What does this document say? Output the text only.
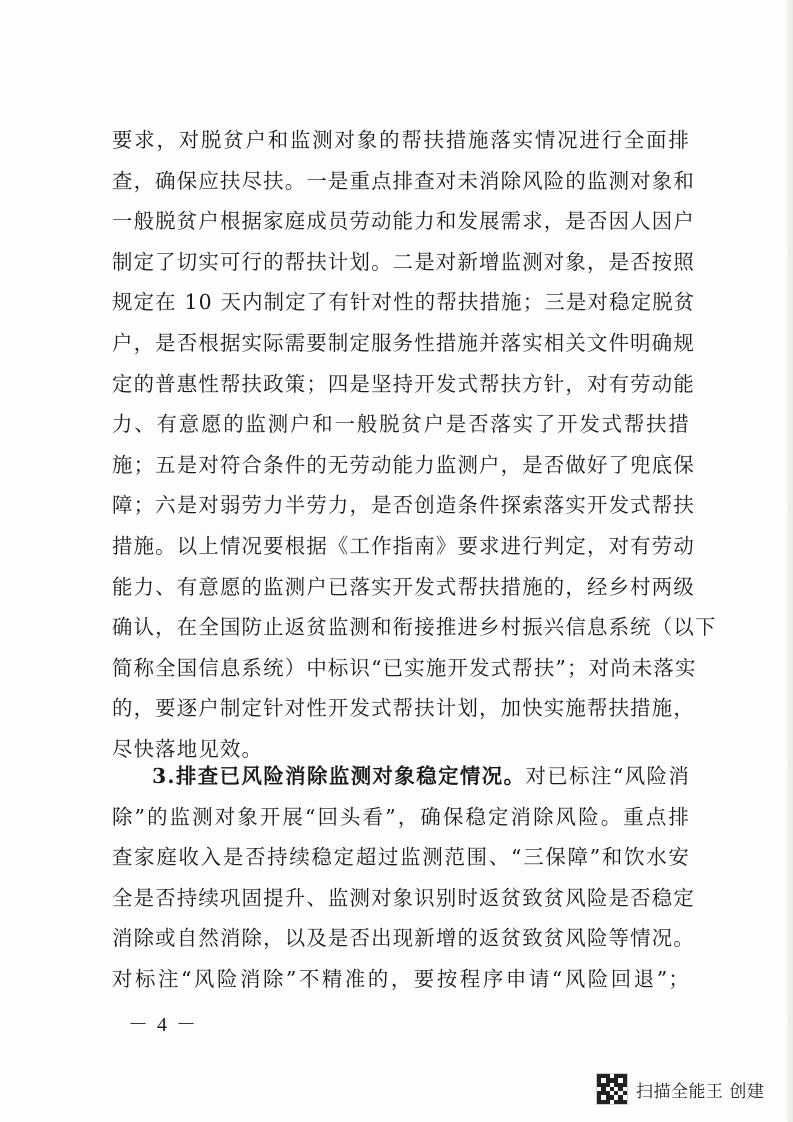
要求，对脱贫户和监测对象的帮扶措施落实情况进行全面排
查，确保应扶尽扶。一是重点排查对未消除风险的监测对象和
一般脱贫户根据家庭成员劳动能力和发展需求，是否因人因户
制定了切实可行的帮扶计划。二是对新增监测对象，是否按照
规定在 10 天内制定了有针对性的帮扶措施；三是对稳定脱贫
户，是否根据实际需要制定服务性措施并落实相关文件明确规
定的普惠性帮扶政策；四是坚持开发式帮扶方针，对有劳动能
力、有意愿的监测户和一般脱贫户是否落实了开发式帮扶措
施；五是对符合条件的无劳动能力监测户，是否做好了兜底保
障；六是对弱劳力半劳力，是否创造条件探索落实开发式帮扶
措施。以上情况要根据《工作指南》要求进行判定，对有劳动
能力、有意愿的监测户已落实开发式帮扶措施的，经乡村两级
确认，在全国防止返贫监测和衔接推进乡村振兴信息系统（以下
简称全国信息系统）中标识“已实施开发式帮扶”；对尚未落实
的，要逐户制定针对性开发式帮扶计划，加快实施帮扶措施，
尽快落地见效。
3.排查已风险消除监测对象稳定情况。对已标注“风险消
除”的监测对象开展“回头看”，确保稳定消除风险。重点排
查家庭收入是否持续稳定超过监测范围、“三保障”和饮水安
全是否持续巩固提升、监测对象识别时返贫致贫风险是否稳定
消除或自然消除，以及是否出现新增的返贫致贫风险等情况。
对标注“风险消除”不精准的，要按程序申请“风险回退”；
－ 4 －
扫描全能王 创建
